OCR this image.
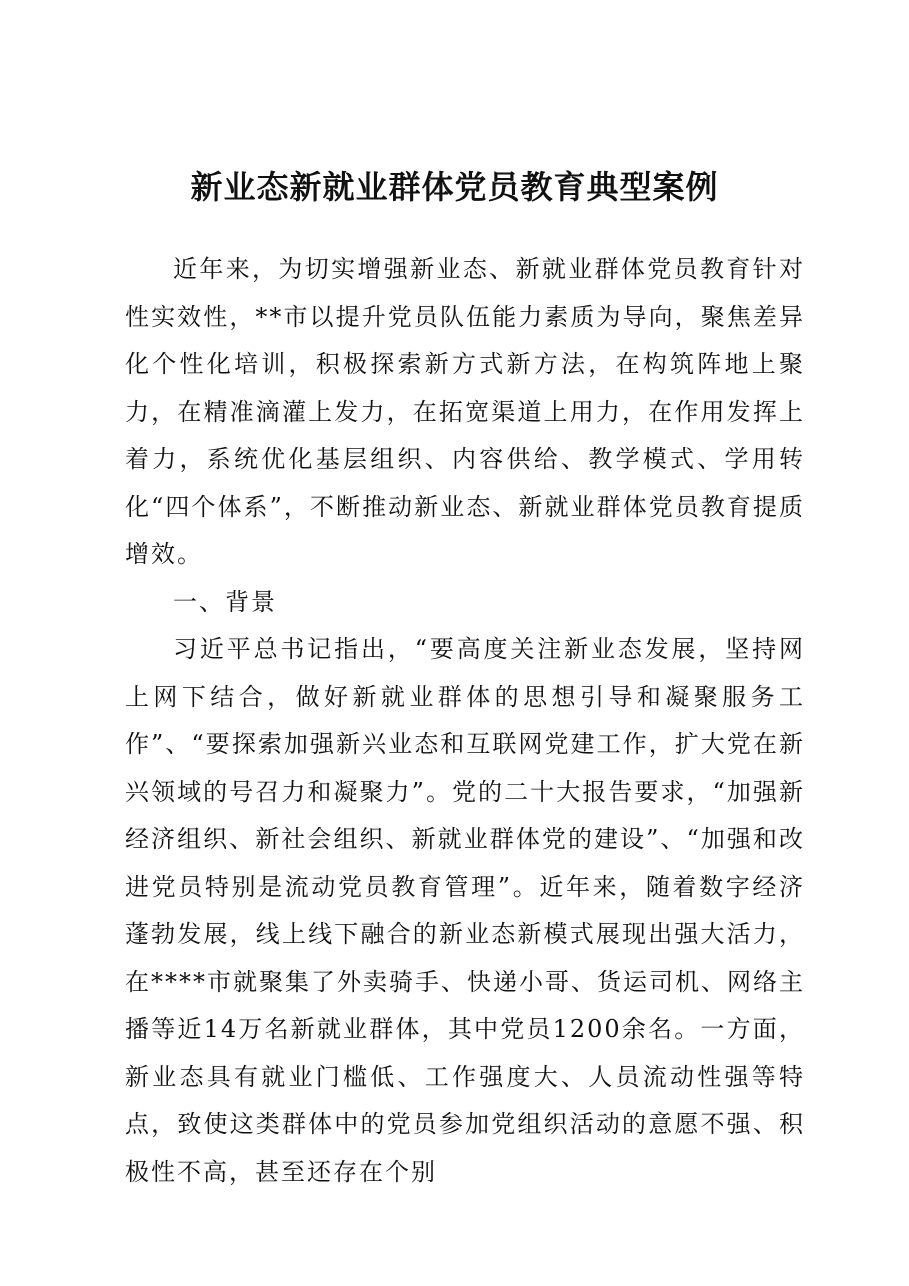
新业态新就业群体党员教育典型案例

近年来，为切实增强新业态、新就业群体党员教育针对性实效性，**市以提升党员队伍能力素质为导向，聚焦差异化个性化培训，积极探索新方式新方法，在构筑阵地上聚力，在精准滴灌上发力，在拓宽渠道上用力，在作用发挥上着力，系统优化基层组织、内容供给、教学模式、学用转化“四个体系”，不断推动新业态、新就业群体党员教育提质增效。

一、背景

习近平总书记指出，“要高度关注新业态发展，坚持网上网下结合，做好新就业群体的思想引导和凝聚服务工作”、“要探索加强新兴业态和互联网党建工作，扩大党在新兴领域的号召力和凝聚力”。党的二十大报告要求，“加强新经济组织、新社会组织、新就业群体党的建设”、“加强和改进党员特别是流动党员教育管理”。近年来，随着数字经济蓬勃发展，线上线下融合的新业态新模式展现出强大活力，在****市就聚集了外卖骑手、快递小哥、货运司机、网络主播等近14万名新就业群体，其中党员1200余名。一方面，新业态具有就业门槛低、工作强度大、人员流动性强等特点，致使这类群体中的党员参加党组织活动的意愿不强、积极性不高，甚至还存在个别
